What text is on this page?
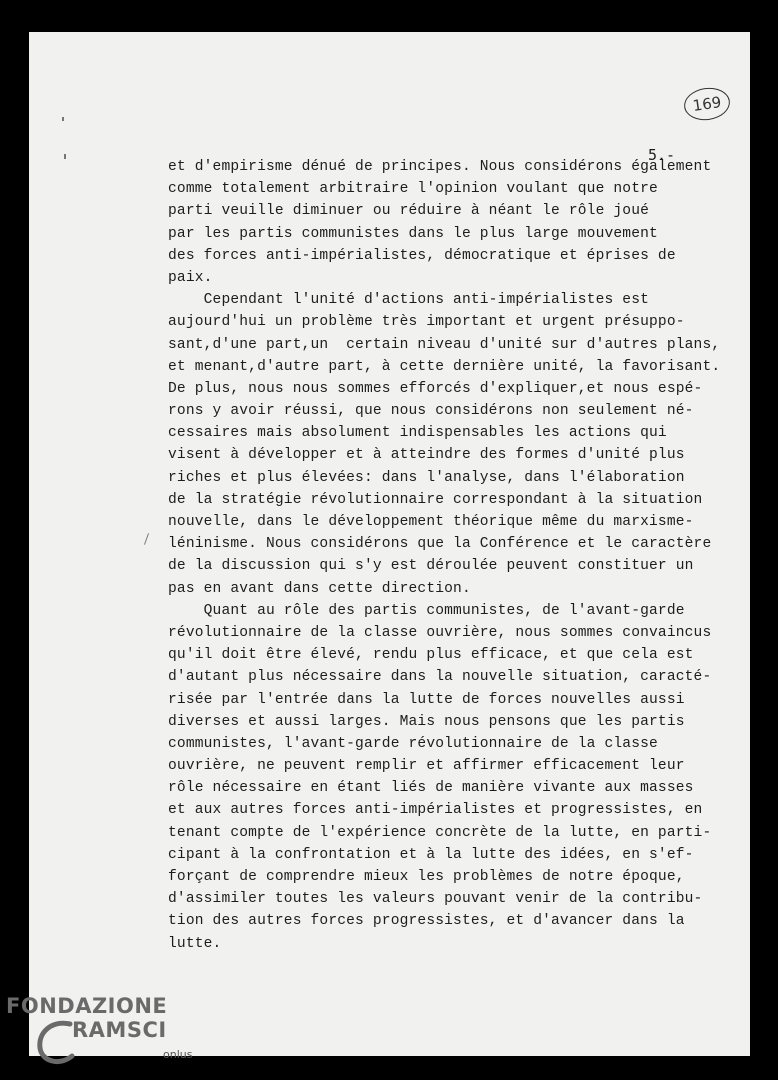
169
5.-
et d'empirisme dénué de principes. Nous considérons également
comme totalement arbitraire l'opinion voulant que notre
parti veuille diminuer ou réduire à néant le rôle joué
par les partis communistes dans le plus large mouvement
des forces anti-impérialistes, démocratique et éprises de
paix.
Cependant l'unité d'actions anti-impérialistes est
aujourd'hui un problème très important et urgent présuppo-
sant,d'une part,un  certain niveau d'unité sur d'autres plans,
et menant,d'autre part, à cette dernière unité, la favorisant.
De plus, nous nous sommes efforcés d'expliquer,et nous espé-
rons y avoir réussi, que nous considérons non seulement né-
cessaires mais absolument indispensables les actions qui
visent à développer et à atteindre des formes d'unité plus
riches et plus élevées: dans l'analyse, dans l'élaboration
de la stratégie révolutionnaire correspondant à la situation
nouvelle, dans le développement théorique même du marxisme-
léninisme. Nous considérons que la Conférence et le caractère
de la discussion qui s'y est déroulée peuvent constituer un
pas en avant dans cette direction.
Quant au rôle des partis communistes, de l'avant-garde
révolutionnaire de la classe ouvrière, nous sommes convaincus
qu'il doit être élevé, rendu plus efficace, et que cela est
d'autant plus nécessaire dans la nouvelle situation, caracté-
risée par l'entrée dans la lutte de forces nouvelles aussi
diverses et aussi larges. Mais nous pensons que les partis
communistes, l'avant-garde révolutionnaire de la classe
ouvrière, ne peuvent remplir et affirmer efficacement leur
rôle nécessaire en étant liés de manière vivante aux masses
et aux autres forces anti-impérialistes et progressistes, en
tenant compte de l'expérience concrète de la lutte, en parti-
cipant à la confrontation et à la lutte des idées, en s'ef-
forçant de comprendre mieux les problèmes de notre époque,
d'assimiler toutes les valeurs pouvant venir de la contribu-
tion des autres forces progressistes, et d'avancer dans la
lutte.
FONDAZIONE
RAMSCI
onlus
